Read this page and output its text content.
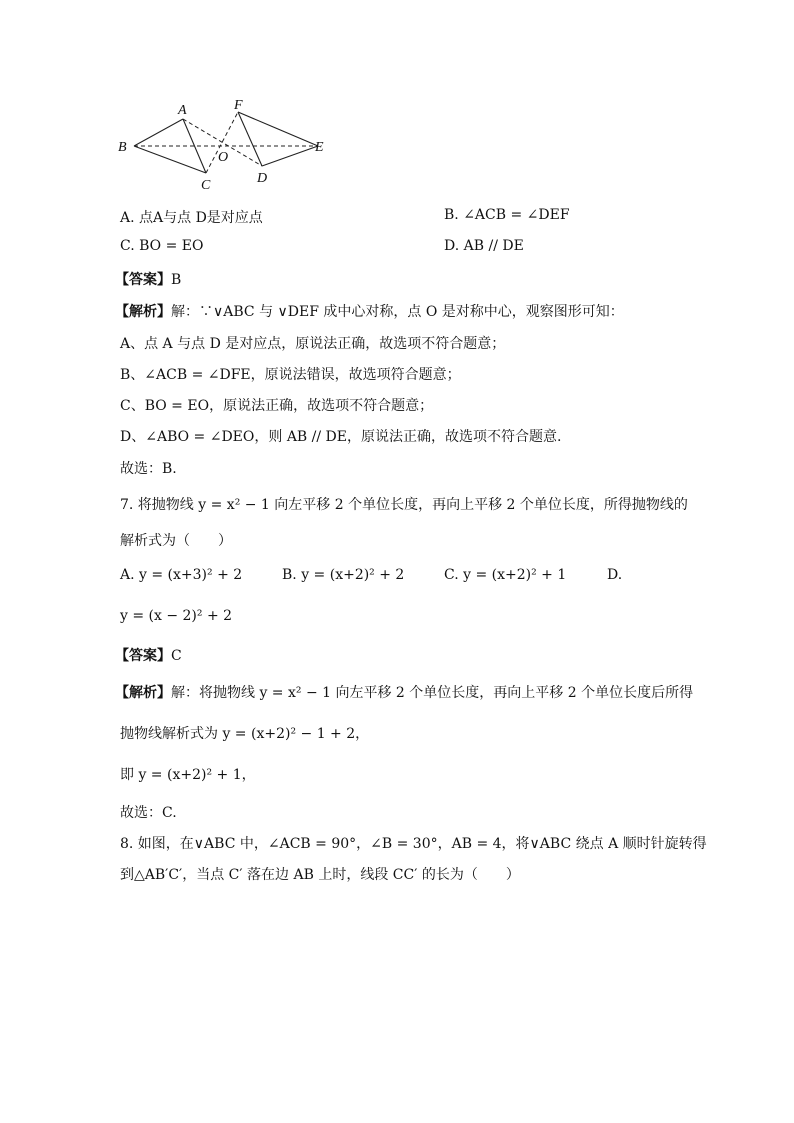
A
B
C
O
F
D
E
A. 点A与点 D是对应点	B. ∠ACB = ∠DEF
C. BO = EO	D. AB // DE
【答案】B
【解析】解：∵∨ABC 与 ∨DEF 成中心对称，点 O 是对称中心，观察图形可知：
A、点 A 与点 D 是对应点，原说法正确，故选项不符合题意；
B、∠ACB = ∠DFE，原说法错误，故选项符合题意；
C、BO = EO，原说法正确，故选项不符合题意；
D、∠ABO = ∠DEO，则 AB // DE，原说法正确，故选项不符合题意.
故选：B.
7. 将抛物线 y = x² − 1 向左平移 2 个单位长度，再向上平移 2 个单位长度，所得抛物线的
解析式为（　　）
A. y = (x+3)² + 2	B. y = (x+2)² + 2	C. y = (x+2)² + 1	D.
y = (x − 2)² + 2
【答案】C
【解析】解：将抛物线 y = x² − 1 向左平移 2 个单位长度，再向上平移 2 个单位长度后所得
抛物线解析式为 y = (x+2)² − 1 + 2，
即 y = (x+2)² + 1，
故选：C.
8. 如图，在∨ABC 中，∠ACB = 90°，∠B = 30°，AB = 4，将∨ABC 绕点 A 顺时针旋转得
到△AB′C′，当点 C′ 落在边 AB 上时，线段 CC′ 的长为（　　）
